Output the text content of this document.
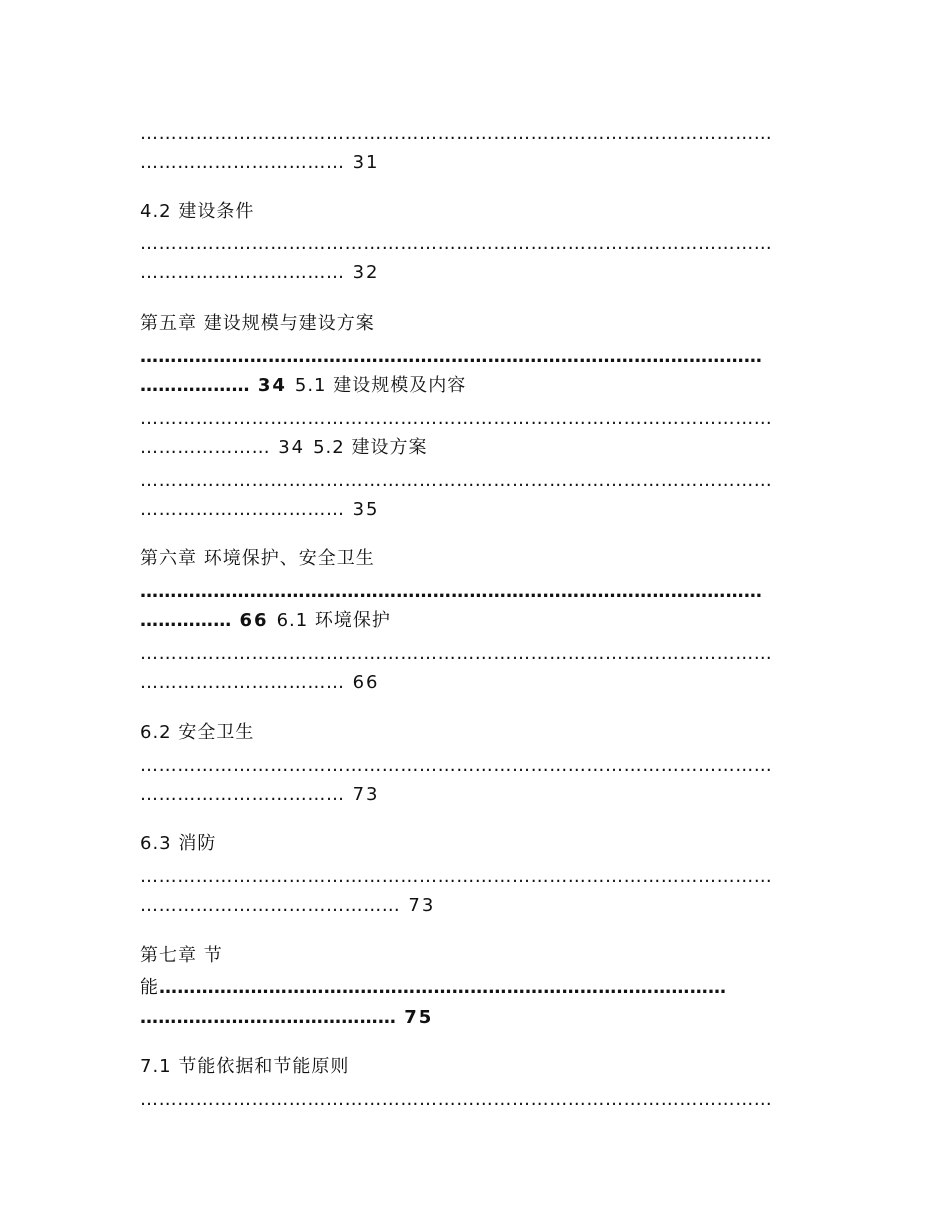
…………………………………………………………………………………………
…………………………… 31
4.2 建设条件
…………………………………………………………………………………………
…………………………… 32
第五章 建设规模与建设方案
…………………………………………………………………………………………
……………… 34 5.1 建设规模及内容
…………………………………………………………………………………………
………………… 34 5.2 建设方案
…………………………………………………………………………………………
…………………………… 35
第六章 环境保护、安全卫生
…………………………………………………………………………………………
…………… 66 6.1 环境保护
…………………………………………………………………………………………
…………………………… 66
6.2 安全卫生
…………………………………………………………………………………………
…………………………… 73
6.3 消防
…………………………………………………………………………………………
…………………………………… 73
第七章 节
能…………………………………………………………………………………
…………………………………… 75
7.1 节能依据和节能原则
…………………………………………………………………………………………
